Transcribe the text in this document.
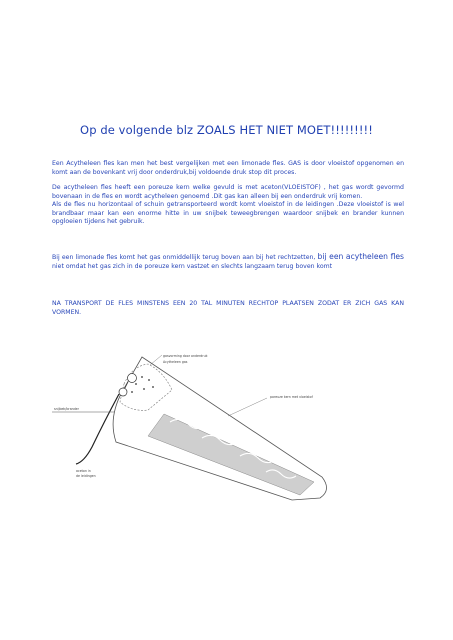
Op de volgende blz ZOALS HET NIET MOET!!!!!!!!!
Een Acytheleen fles kan men het best vergelijken met een limonade fles. GAS is door vloeistof opgenomen en komt aan de bovenkant vrij door onderdruk,bij voldoende druk stop dit proces.
De acytheleen fles heeft een poreuze kern welke gevuld is met aceton(VLOEISTOF) , het gas wordt gevormd bovenaan in de fles en wordt acytheleen genoemd .Dit gas kan alleen bij een onderdruk vrij komen.
Als de fles nu horizontaal of schuin getransporteerd wordt komt vloeistof in de leidingen .Deze vloeistof is wel brandbaar maar kan een enorme hitte in uw snijbek teweegbrengen waardoor snijbek en brander kunnen opgloeien tijdens het gebruik.
Bij een limonade fles komt het gas onmiddellijk terug boven aan bij het rechtzetten, bij een acytheleen fles niet omdat het gas zich in de poreuze kern vastzet en slechts langzaam terug boven komt
NA TRANSPORT DE FLES MINSTENS EEN 20 TAL MINUTEN RECHTOP PLAATSEN ZODAT ER ZICH GAS KAN VORMEN.
gasvorming door onderdruk
Acytheleen gas
poreuze kern met vloeistof
snijbek/brander
aceton in
de leidingen
